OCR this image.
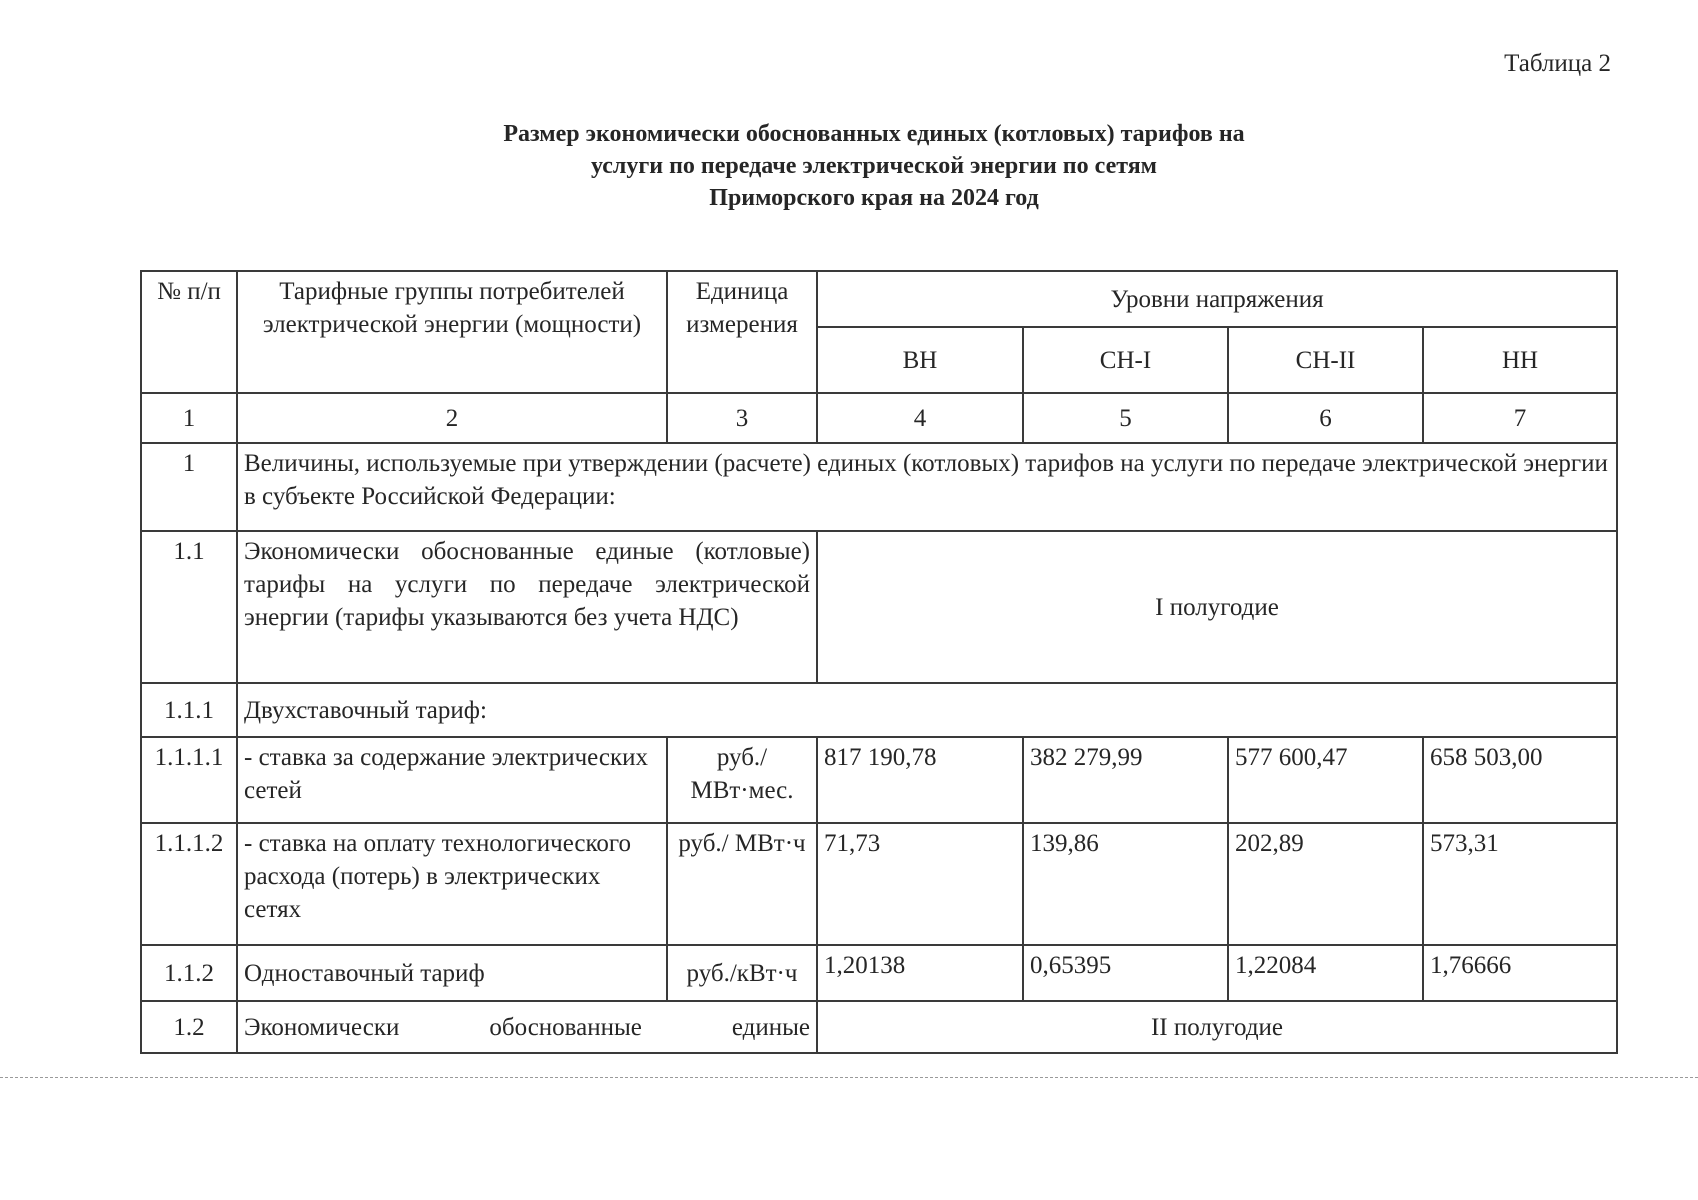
Таблица 2
Размер экономически обоснованных единых (котловых) тарифов на
услуги по передаче электрической энергии по сетям
Приморского края на 2024 год
№ п/п	Тарифные группы потребителей электрической энергии (мощности)	Единица измерения	Уровни напряжения			
			ВН	СН-I	СН-II	НН
1	2	3	4	5	6	7
1	Величины, используемые при утверждении (расчете) единых (котловых) тарифов на услуги по передаче электрической энергии в субъекте Российской Федерации:					
1.1	Экономически обоснованные единые (котловые) тарифы на услуги по передаче электрической энергии (тарифы указываются без учета НДС)		I полугодие			
1.1.1	Двухставочный тариф:					
1.1.1.1	- ставка за содержание электрических сетей	руб./ МВт·мес.	817 190,78	382 279,99	577 600,47	658 503,00
1.1.1.2	- ставка на оплату технологического расхода (потерь) в электрических сетях	руб./ МВт·ч	71,73	139,86	202,89	573,31
1.1.2	Одноставочный тариф	руб./кВт·ч	1,20138	0,65395	1,22084	1,76666
1.2	Экономически обоснованные единые		II полугодие			
